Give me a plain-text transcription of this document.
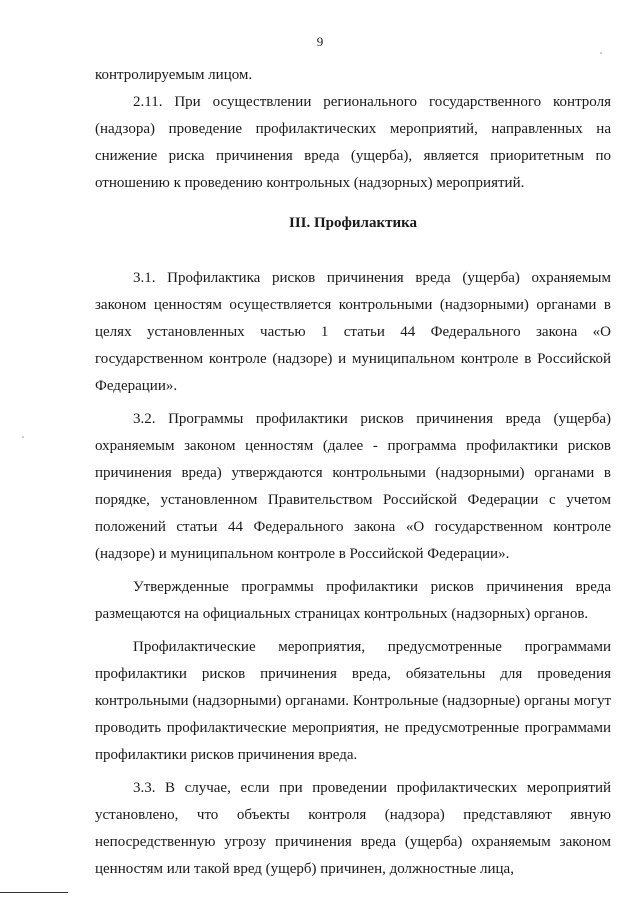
9

контролируемым лицом.

2.11. При осуществлении регионального государственного контроля (надзора) проведение профилактических мероприятий, направленных на снижение риска причинения вреда (ущерба), является приоритетным по отношению к проведению контрольных (надзорных) мероприятий.

III. Профилактика

3.1. Профилактика рисков причинения вреда (ущерба) охраняемым законом ценностям осуществляется контрольными (надзорными) органами в целях установленных частью 1 статьи 44 Федерального закона «О государственном контроле (надзоре) и муниципальном контроле в Российской Федерации».

3.2. Программы профилактики рисков причинения вреда (ущерба) охраняемым законом ценностям (далее - программа профилактики рисков причинения вреда) утверждаются контрольными (надзорными) органами в порядке, установленном Правительством Российской Федерации с учетом положений статьи 44 Федерального закона «О государственном контроле (надзоре) и муниципальном контроле в Российской Федерации».

Утвержденные программы профилактики рисков причинения вреда размещаются на официальных страницах контрольных (надзорных) органов.

Профилактические мероприятия, предусмотренные программами профилактики рисков причинения вреда, обязательны для проведения контрольными (надзорными) органами. Контрольные (надзорные) органы могут проводить профилактические мероприятия, не предусмотренные программами профилактики рисков причинения вреда.

3.3. В случае, если при проведении профилактических мероприятий установлено, что объекты контроля (надзора) представляют явную непосредственную угрозу причинения вреда (ущерба) охраняемым законом ценностям или такой вред (ущерб) причинен, должностные лица,
